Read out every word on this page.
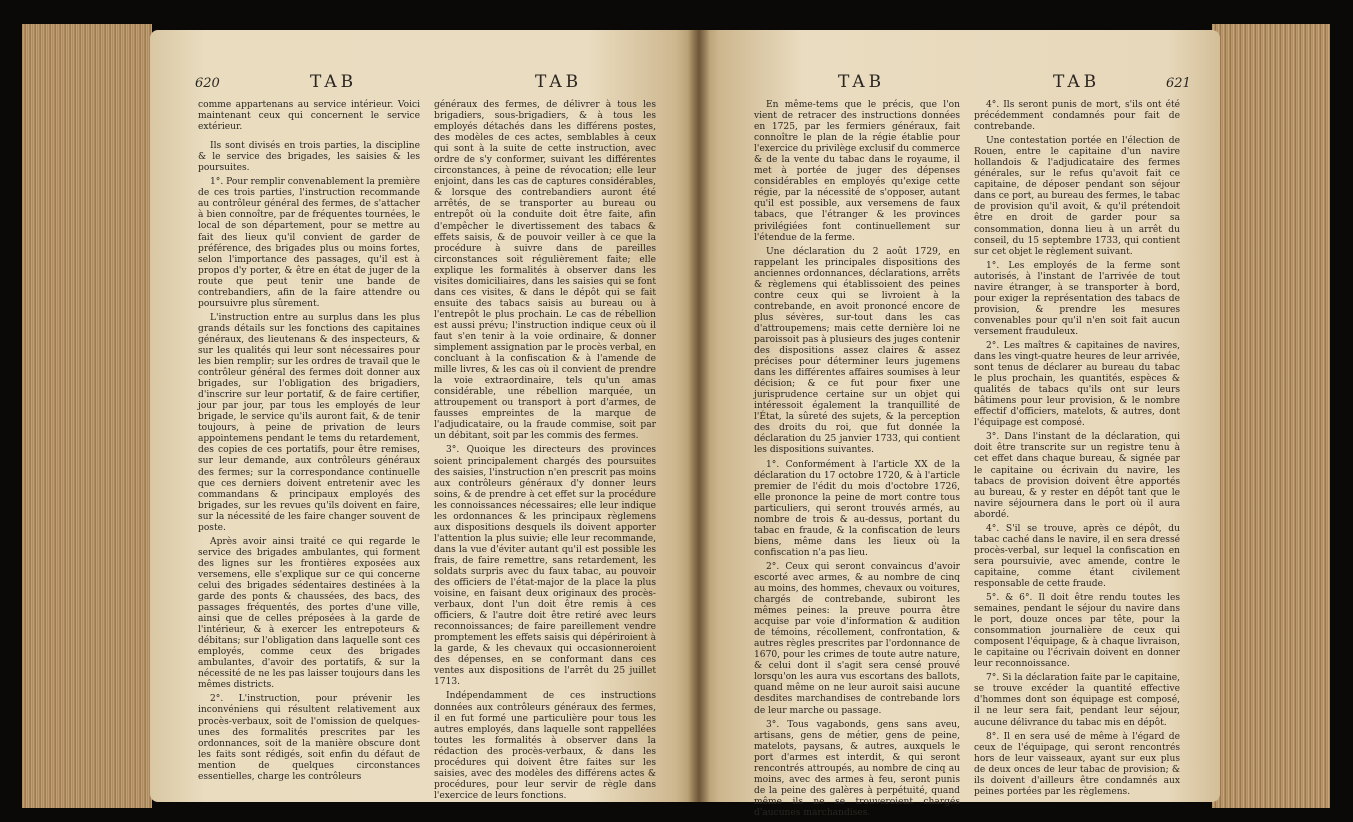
620	TAB	TAB

comme appartenans au service intérieur. Voici maintenant ceux qui concernent le service extérieur.

Ils sont divisés en trois parties, la discipline & le service des brigades, les saisies & les poursuites.

1°. Pour remplir convenablement la première de ces trois parties, l'instruction recommande au contrôleur général des fermes, de s'attacher à bien connoître, par de fréquentes tournées, le local de son département, pour se mettre au fait des lieux qu'il convient de garder de préférence, des brigades plus ou moins fortes, selon l'importance des passages, qu'il est à propos d'y porter, & être en état de juger de la route que peut tenir une bande de contrebandiers, afin de la faire attendre ou poursuivre plus sûrement.

L'instruction entre au surplus dans les plus grands détails sur les fonctions des capitaines généraux, des lieutenans & des inspecteurs, & sur les qualités qui leur sont nécessaires pour les bien remplir; sur les ordres de travail que le contrôleur général des fermes doit donner aux brigades, sur l'obligation des brigadiers, d'inscrire sur leur portatif, & de faire certifier, jour par jour, par tous les employés de leur brigade, le service qu'ils auront fait, & de tenir toujours, à peine de privation de leurs appointemens pendant le tems du retardement, des copies de ces portatifs, pour être remises, sur leur demande, aux contrôleurs généraux des fermes; sur la correspondance continuelle que ces derniers doivent entretenir avec les commandans & principaux employés des brigades, sur les revues qu'ils doivent en faire, sur la nécessité de les faire changer souvent de poste.

Après avoir ainsi traité ce qui regarde le service des brigades ambulantes, qui forment des lignes sur les frontières exposées aux versemens, elle s'explique sur ce qui concerne celui des brigades sédentaires destinées à la garde des ponts & chaussées, des bacs, des passages fréquentés, des portes d'une ville, ainsi que de celles préposées à la garde de l'intérieur, & à exercer les entrepoteurs & débitans; sur l'obligation dans laquelle sont ces employés, comme ceux des brigades ambulantes, d'avoir des portatifs, & sur la nécessité de ne les pas laisser toujours dans les mêmes districts.

2°. L'instruction, pour prévenir les inconvéniens qui résultent relativement aux procès-verbaux, soit de l'omission de quelques-unes des formalités prescrites par les ordonnances, soit de la manière obscure dont les faits sont rédigés, soit enfin du défaut de mention de quelques circonstances essentielles, charge les contrôleurs

généraux des fermes, de délivrer à tous les brigadiers, sous-brigadiers, & à tous les employés détachés dans les différens postes, des modèles de ces actes, semblables à ceux qui sont à la suite de cette instruction, avec ordre de s'y conformer, suivant les différentes circonstances, à peine de révocation; elle leur enjoint, dans les cas de captures considérables, & lorsque des contrebandiers auront été arrêtés, de se transporter au bureau ou entrepôt où la conduite doit être faite, afin d'empêcher le divertissement des tabacs & effets saisis, & de pouvoir veiller à ce que la procédure à suivre dans de pareilles circonstances soit régulièrement faite; elle explique les formalités à observer dans les visites domiciliaires, dans les saisies qui se font dans ces visites, & dans le dépôt qui se fait ensuite des tabacs saisis au bureau ou à l'entrepôt le plus prochain. Le cas de rébellion est aussi prévu; l'instruction indique ceux où il faut s'en tenir à la voie ordinaire, & donner simplement assignation par le procès verbal, en concluant à la confiscation & à l'amende de mille livres, & les cas où il convient de prendre la voie extraordinaire, tels qu'un amas considérable, une rébellion marquée, un attroupement ou transport à port d'armes, de fausses empreintes de la marque de l'adjudicataire, ou la fraude commise, soit par un débitant, soit par les commis des fermes.

3°. Quoique les directeurs des provinces soient principalement chargés des poursuites des saisies, l'instruction n'en prescrit pas moins aux contrôleurs généraux d'y donner leurs soins, & de prendre à cet effet sur la procédure les connoissances nécessaires; elle leur indique les ordonnances & les principaux règlemens aux dispositions desquels ils doivent apporter l'attention la plus suivie; elle leur recommande, dans la vue d'éviter autant qu'il est possible les frais, de faire remettre, sans retardement, les soldats surpris avec du faux tabac, au pouvoir des officiers de l'état-major de la place la plus voisine, en faisant deux originaux des procès-verbaux, dont l'un doit être remis à ces officiers, & l'autre doit être retiré avec leurs reconnoissances; de faire pareillement vendre promptement les effets saisis qui dépériroient à la garde, & les chevaux qui occasionneroient des dépenses, en se conformant dans ces ventes aux dispositions de l'arrêt du 25 juillet 1713.

Indépendamment de ces instructions données aux contrôleurs généraux des fermes, il en fut formé une particulière pour tous les autres employés, dans laquelle sont rappellées toutes les formalités à observer dans la rédaction des procès-verbaux, & dans les procédures qui doivent être faites sur les saisies, avec des modèles des différens actes & procédures, pour leur servir de règle dans l'exercice de leurs fonctions.

TAB	TAB	621

En même-tems que le précis, que l'on vient de retracer des instructions données en 1725, par les fermiers généraux, fait connoître le plan de la régie établie pour l'exercice du privilège exclusif du commerce & de la vente du tabac dans le royaume, il met à portée de juger des dépenses considérables en employés qu'exige cette régie, par la nécessité de s'opposer, autant qu'il est possible, aux versemens de faux tabacs, que l'étranger & les provinces privilégiées font continuellement sur l'étendue de la ferme.

Une déclaration du 2 août 1729, en rappelant les principales dispositions des anciennes ordonnances, déclarations, arrêts & règlemens qui établissoient des peines contre ceux qui se livroient à la contrebande, en avoit prononcé encore de plus sévères, sur-tout dans les cas d'attroupemens; mais cette dernière loi ne paroissoit pas à plusieurs des juges contenir des dispositions assez claires & assez précises pour déterminer leurs jugemens dans les différentes affaires soumises à leur décision; & ce fut pour fixer une jurisprudence certaine sur un objet qui intéressoit également la tranquillité de l'État, la sûreté des sujets, & la perception des droits du roi, que fut donnée la déclaration du 25 janvier 1733, qui contient les dispositions suivantes.

1°. Conformément à l'article XX de la déclaration du 17 octobre 1720, & à l'article premier de l'édit du mois d'octobre 1726, elle prononce la peine de mort contre tous particuliers, qui seront trouvés armés, au nombre de trois & au-dessus, portant du tabac en fraude, & la confiscation de leurs biens, même dans les lieux où la confiscation n'a pas lieu.

2°. Ceux qui seront convaincus d'avoir escorté avec armes, & au nombre de cinq au moins, des hommes, chevaux ou voitures, chargés de contrebande, subiront les mêmes peines: la preuve pourra être acquise par voie d'information & audition de témoins, récollement, confrontation, & autres règles prescrites par l'ordonnance de 1670, pour les crimes de toute autre nature, & celui dont il s'agit sera censé prouvé lorsqu'on les aura vus escortans des ballots, quand même on ne leur auroit saisi aucune desdites marchandises de contrebande lors de leur marche ou passage.

3°. Tous vagabonds, gens sans aveu, artisans, gens de métier, gens de peine, matelots, paysans, & autres, auxquels le port d'armes est interdit, & qui seront rencontrés attroupés, au nombre de cinq au moins, avec des armes à feu, seront punis de la peine des galères à perpétuité, quand même ils ne se trouveroient chargés d'aucunes marchandises.

4°. Ils seront punis de mort, s'ils ont été précédemment condamnés pour fait de contrebande.

Une contestation portée en l'élection de Rouen, entre le capitaine d'un navire hollandois & l'adjudicataire des fermes générales, sur le refus qu'avoit fait ce capitaine, de déposer pendant son séjour dans ce port, au bureau des fermes, le tabac de provision qu'il avoit, & qu'il prétendoit être en droit de garder pour sa consommation, donna lieu à un arrêt du conseil, du 15 septembre 1733, qui contient sur cet objet le règlement suivant.

1°. Les employés de la ferme sont autorisés, à l'instant de l'arrivée de tout navire étranger, à se transporter à bord, pour exiger la représentation des tabacs de provision, & prendre les mesures convenables pour qu'il n'en soit fait aucun versement frauduleux.

2°. Les maîtres & capitaines de navires, dans les vingt-quatre heures de leur arrivée, sont tenus de déclarer au bureau du tabac le plus prochain, les quantités, espèces & qualités de tabacs qu'ils ont sur leurs bâtimens pour leur provision, & le nombre effectif d'officiers, matelots, & autres, dont l'équipage est composé.

3°. Dans l'instant de la déclaration, qui doit être transcrite sur un registre tenu à cet effet dans chaque bureau, & signée par le capitaine ou écrivain du navire, les tabacs de provision doivent être apportés au bureau, & y rester en dépôt tant que le navire séjournera dans le port où il aura abordé.

4°. S'il se trouve, après ce dépôt, du tabac caché dans le navire, il en sera dressé procès-verbal, sur lequel la confiscation en sera poursuivie, avec amende, contre le capitaine, comme étant civilement responsable de cette fraude.

5°. & 6°. Il doit être rendu toutes les semaines, pendant le séjour du navire dans le port, douze onces par tête, pour la consommation journalière de ceux qui composent l'équipage, & à chaque livraison, le capitaine ou l'écrivain doivent en donner leur reconnoissance.

7°. Si la déclaration faite par le capitaine, se trouve excéder la quantité effective d'hommes dont son équipage est composé, il ne leur sera fait, pendant leur séjour, aucune délivrance du tabac mis en dépôt.

8°. Il en sera usé de même à l'égard de ceux de l'équipage, qui seront rencontrés hors de leur vaisseaux, ayant sur eux plus de deux onces de leur tabac de provision; & ils doivent d'ailleurs être condamnés aux peines portées par les règlemens.
